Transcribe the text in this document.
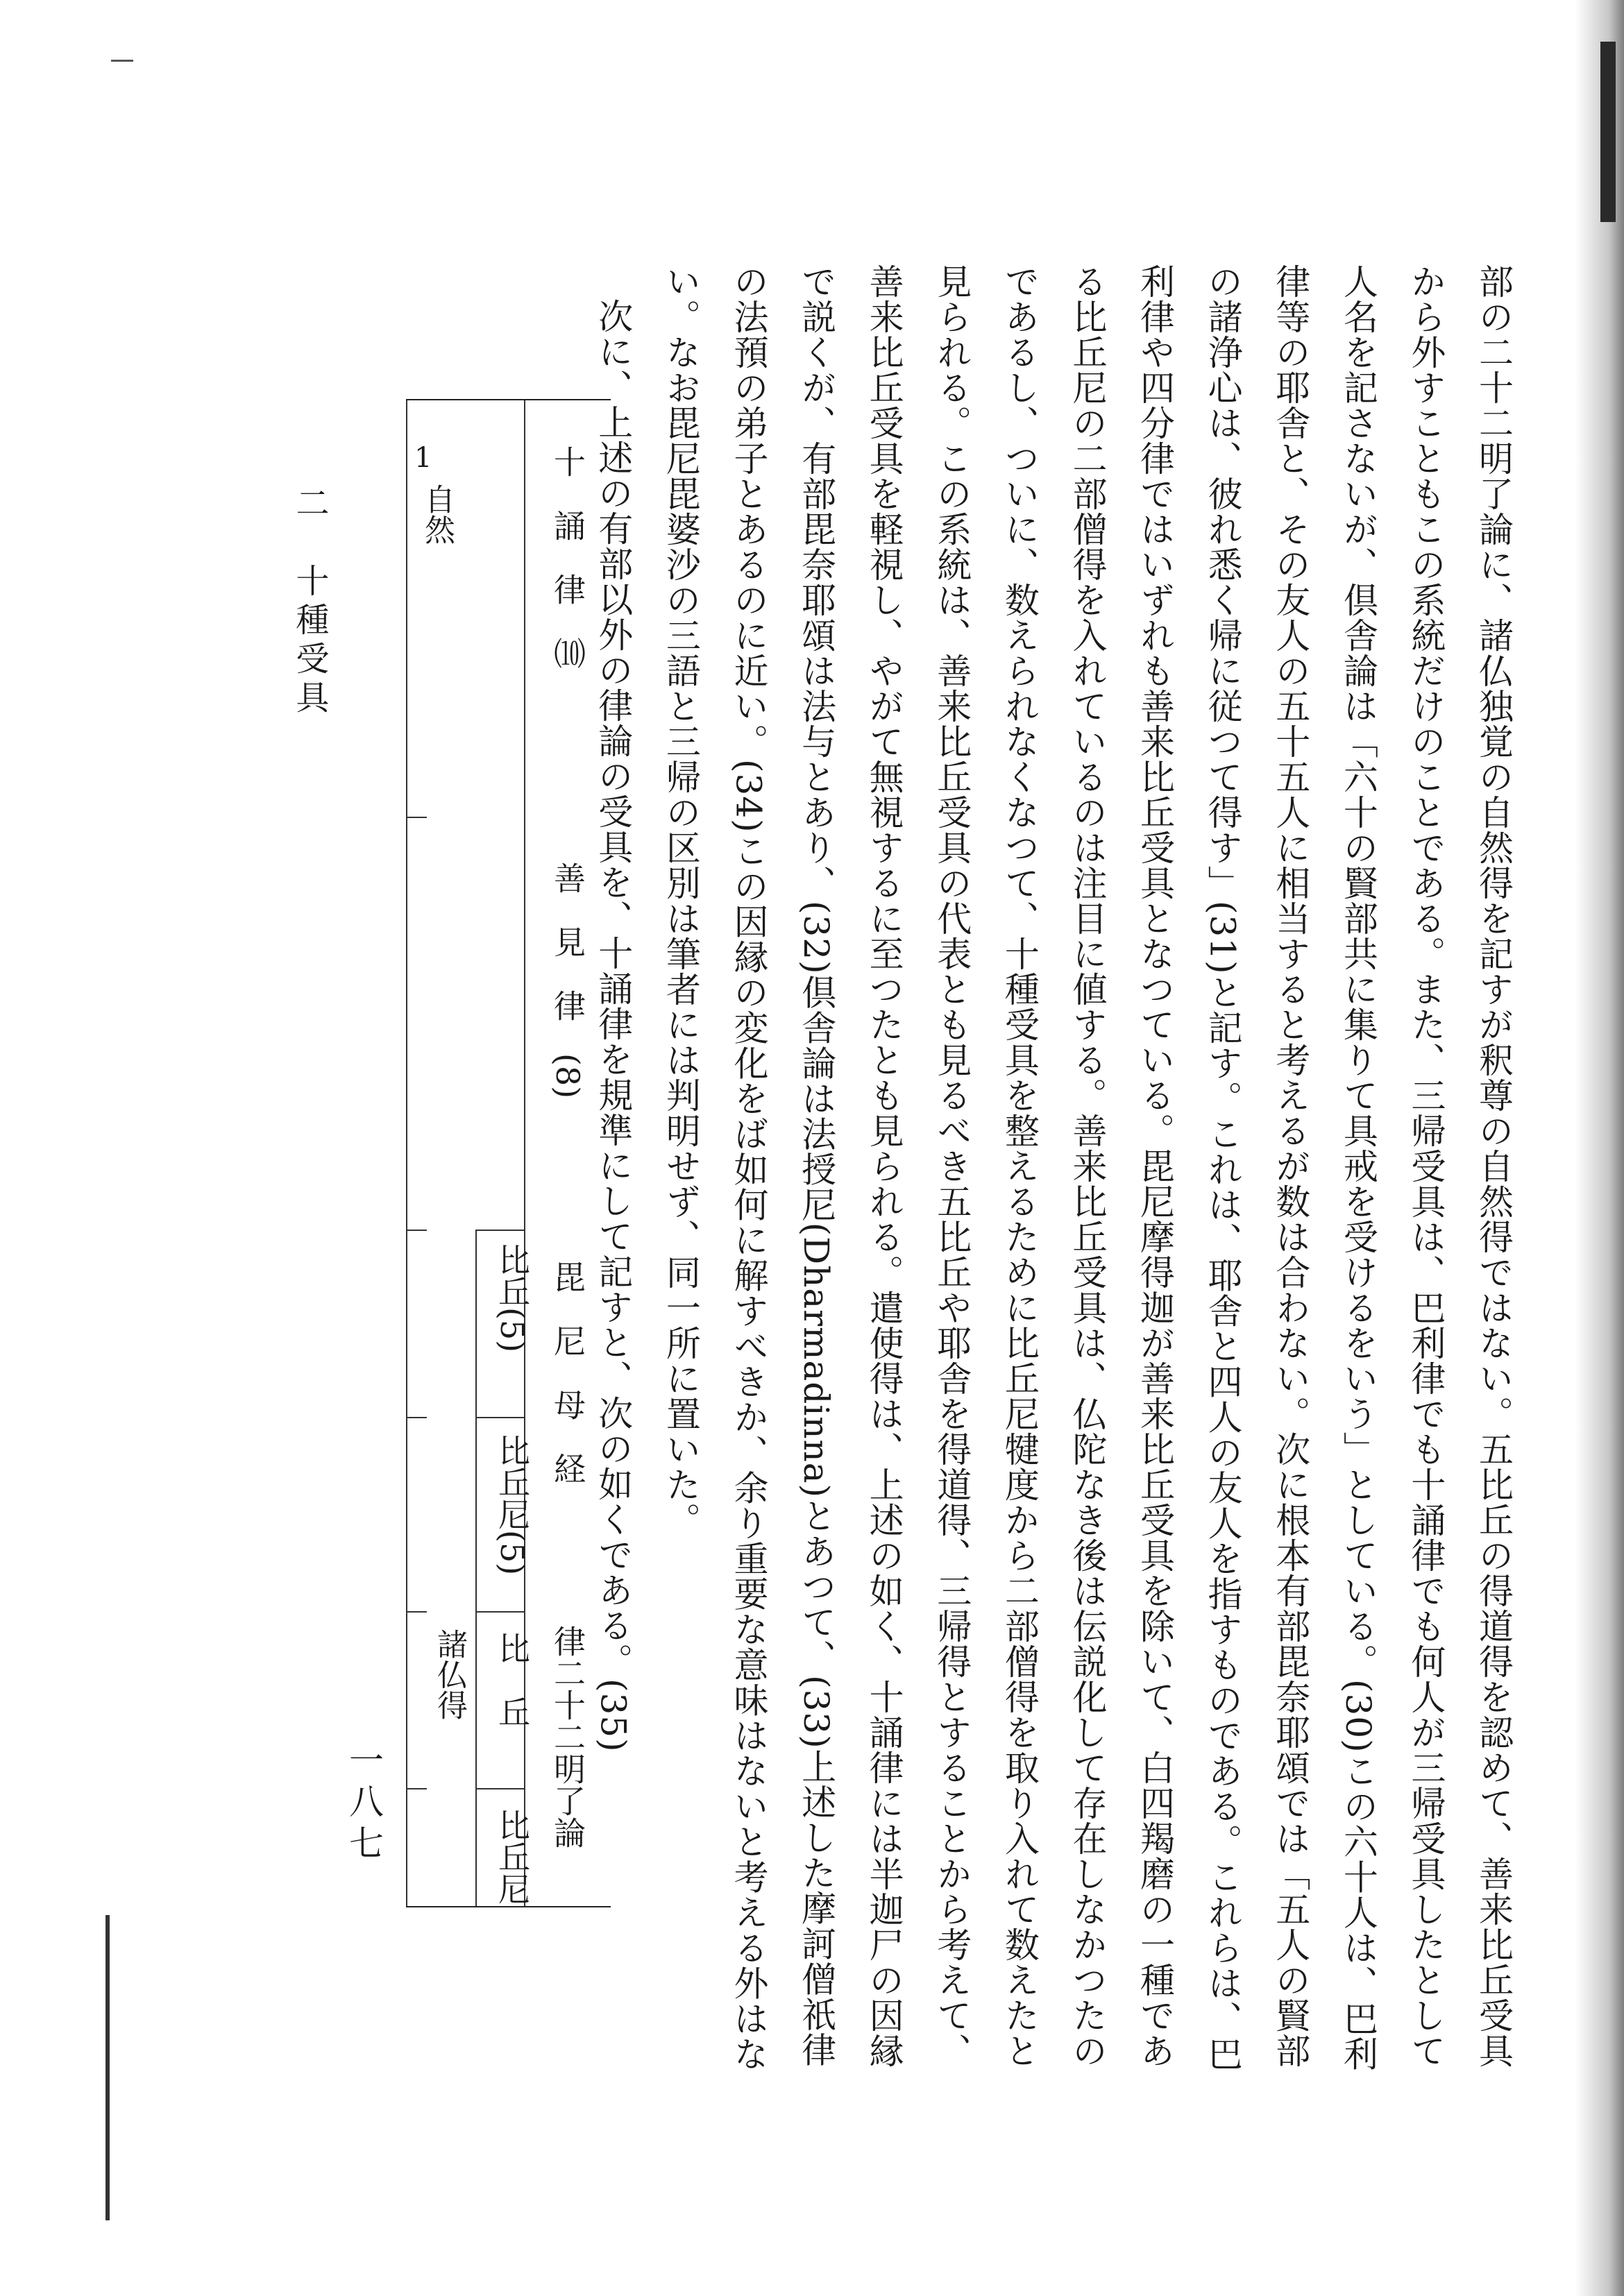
部の二十二明了論に、諸仏独覚の自然得を記すが釈尊の自然得ではない。五比丘の得道得を認めて、善来比丘受具から外すこともこの系統だけのことである。また、三帰受具は、巴利律でも十誦律でも何人が三帰受具したとして人名を記さないが、倶舎論は「六十の賢部共に集りて具戒を受けるをいう」としている。(30)この六十人は、巴利律等の耶舎と、その友人の五十五人に相当すると考えるが数は合わない。次に根本有部毘奈耶頌では「五人の賢部の諸浄心は、彼れ悉く帰に従つて得す」(31)と記す。これは、耶舎と四人の友人を指すものである。これらは、巴利律や四分律ではいずれも善来比丘受具となつている。毘尼摩得迦が善来比丘受具を除いて、白四羯磨の一種である比丘尼の二部僧得を入れているのは注目に値する。善来比丘受具は、仏陀なき後は伝説化して存在しなかつたのであるし、ついに、数えられなくなつて、十種受具を整えるために比丘尼犍度から二部僧得を取り入れて数えたと見られる。この系統は、善来比丘受具の代表とも見るべき五比丘や耶舎を得道得、三帰得とすることから考えて、善来比丘受具を軽視し、やがて無視するに至つたとも見られる。遣使得は、上述の如く、十誦律には半迦尸の因縁で説くが、有部毘奈耶頌は法与とあり、(32)倶舎論は法授尼(Dharmadinna)とあつて、(33)上述した摩訶僧祇律の法預の弟子とあるのに近い。(34)この因縁の変化をば如何に解すべきか、余り重要な意味はないと考える外はない。なお毘尼毘婆沙の三語と三帰の区別は筆者には判明せず、同一所に置いた。

次に、上述の有部以外の律論の受具を、十誦律を規準にして記すと、次の如くである。(35)

二　十種受具
一八七
十　誦　律　⑽
善　見　律　(8)
毘　尼　母　経
比丘(5)
比丘尼(5)
律二十二明了論
比　丘
比丘尼
1
自然
諸仏得
